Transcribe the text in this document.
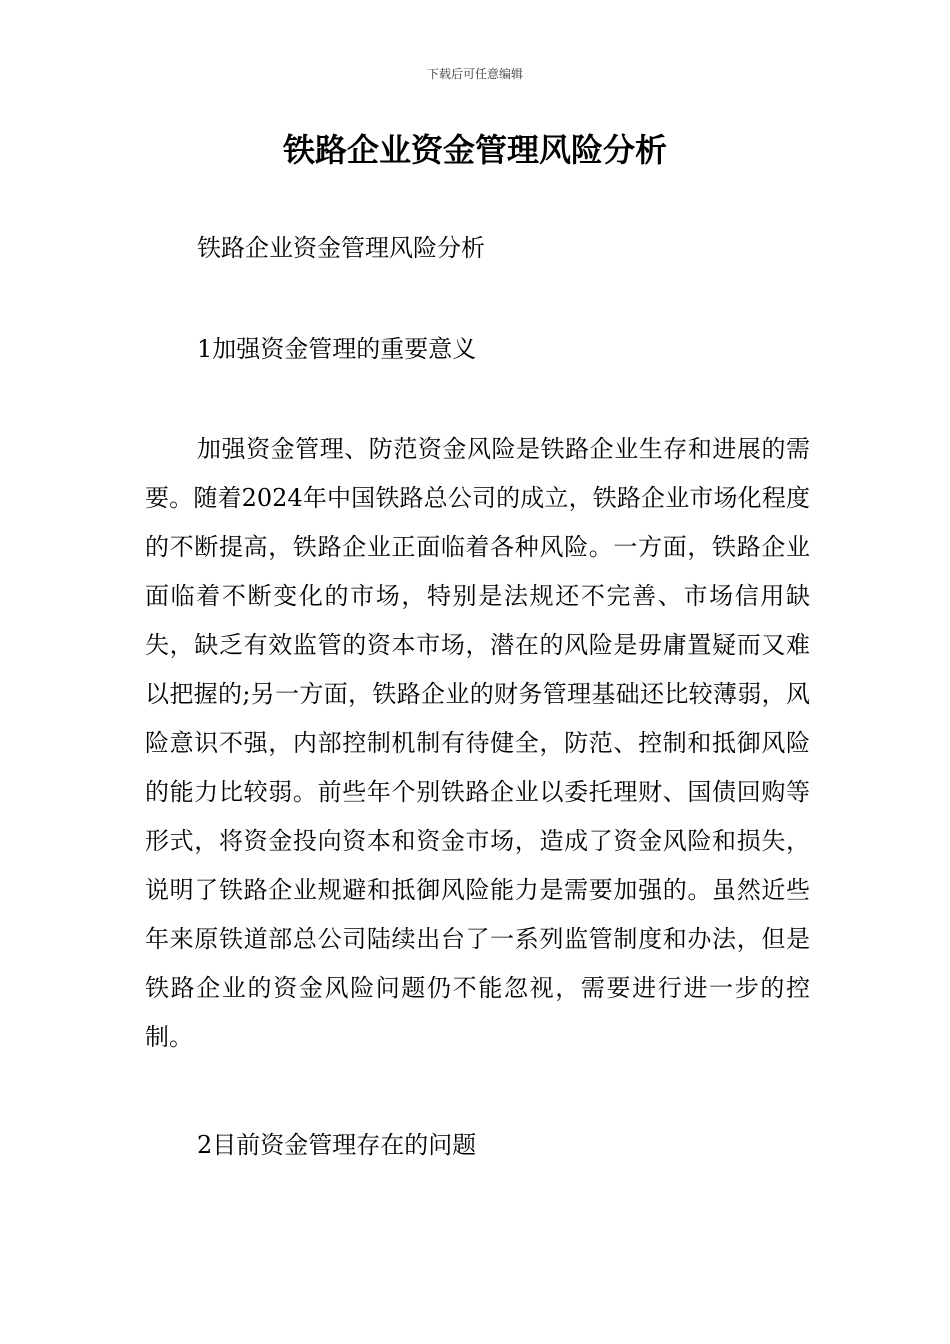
下载后可任意编辑
铁路企业资金管理风险分析

铁路企业资金管理风险分析

1加强资金管理的重要意义

加强资金管理、防范资金风险是铁路企业生存和进展的需要。随着2024年中国铁路总公司的成立，铁路企业市场化程度的不断提高，铁路企业正面临着各种风险。一方面，铁路企业面临着不断变化的市场，特别是法规还不完善、市场信用缺失，缺乏有效监管的资本市场，潜在的风险是毋庸置疑而又难以把握的;另一方面，铁路企业的财务管理基础还比较薄弱，风险意识不强，内部控制机制有待健全，防范、控制和抵御风险的能力比较弱。前些年个别铁路企业以委托理财、国债回购等形式，将资金投向资本和资金市场，造成了资金风险和损失，说明了铁路企业规避和抵御风险能力是需要加强的。虽然近些年来原铁道部总公司陆续出台了一系列监管制度和办法，但是铁路企业的资金风险问题仍不能忽视，需要进行进一步的控制。

2目前资金管理存在的问题
